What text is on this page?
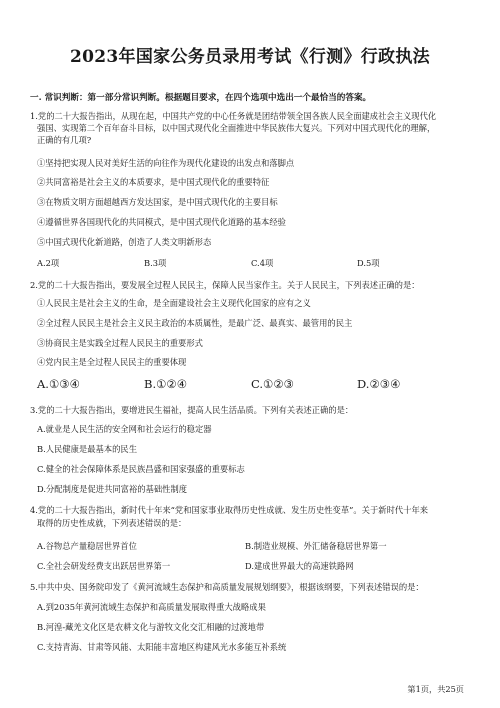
2023年国家公务员录用考试《行测》行政执法
一. 常识判断：第一部分常识判断。根据题目要求，在四个选项中选出一个最恰当的答案。
1.党的二十大报告指出，从现在起，中国共产党的中心任务就是团结带领全国各族人民全面建成社会主义现代化
强国、实现第二个百年奋斗目标，以中国式现代化全面推进中华民族伟大复兴。下列对中国式现代化的理解，
正确的有几项?
①坚持把实现人民对美好生活的向往作为现代化建设的出发点和落脚点
②共同富裕是社会主义的本质要求，是中国式现代化的重要特征
③在物质文明方面超越西方发达国家，是中国式现代化的主要目标
④遵循世界各国现代化的共同模式，是中国式现代化道路的基本经验
⑤中国式现代化新道路，创造了人类文明新形态
A.2项	B.3项	C.4项	D.5项
2.党的二十大报告指出，要发展全过程人民民主，保障人民当家作主。关于人民民主，下列表述正确的是：
①人民民主是社会主义的生命，是全面建设社会主义现代化国家的应有之义
②全过程人民民主是社会主义民主政治的本质属性，是最广泛、最真实、最管用的民主
③协商民主是实践全过程人民民主的重要形式
④党内民主是全过程人民民主的重要体现
A.①③④	B.①②④	C.①②③	D.②③④
3.党的二十大报告指出，要增进民生福祉，提高人民生活品质。下列有关表述正确的是：
A.就业是人民生活的安全网和社会运行的稳定器
B.人民健康是最基本的民生
C.健全的社会保障体系是民族昌盛和国家强盛的重要标志
D.分配制度是促进共同富裕的基础性制度
4.党的二十大报告指出，新时代十年来“党和国家事业取得历史性成就、发生历史性变革”。关于新时代十年来
取得的历史性成就，下列表述错误的是：
A.谷物总产量稳居世界首位	B.制造业规模、外汇储备稳居世界第一
C.全社会研发经费支出跃居世界第一	D.建成世界最大的高速铁路网
5.中共中央、国务院印发了《黄河流域生态保护和高质量发展规划纲要》，根据该纲要，下列表述错误的是：
A.到2035年黄河流域生态保护和高质量发展取得重大战略成果
B.河湟-藏羌文化区是农耕文化与游牧文化交汇相融的过渡地带
C.支持青海、甘肃等风能、太阳能丰富地区构建风光水多能互补系统
第1页，共25页
